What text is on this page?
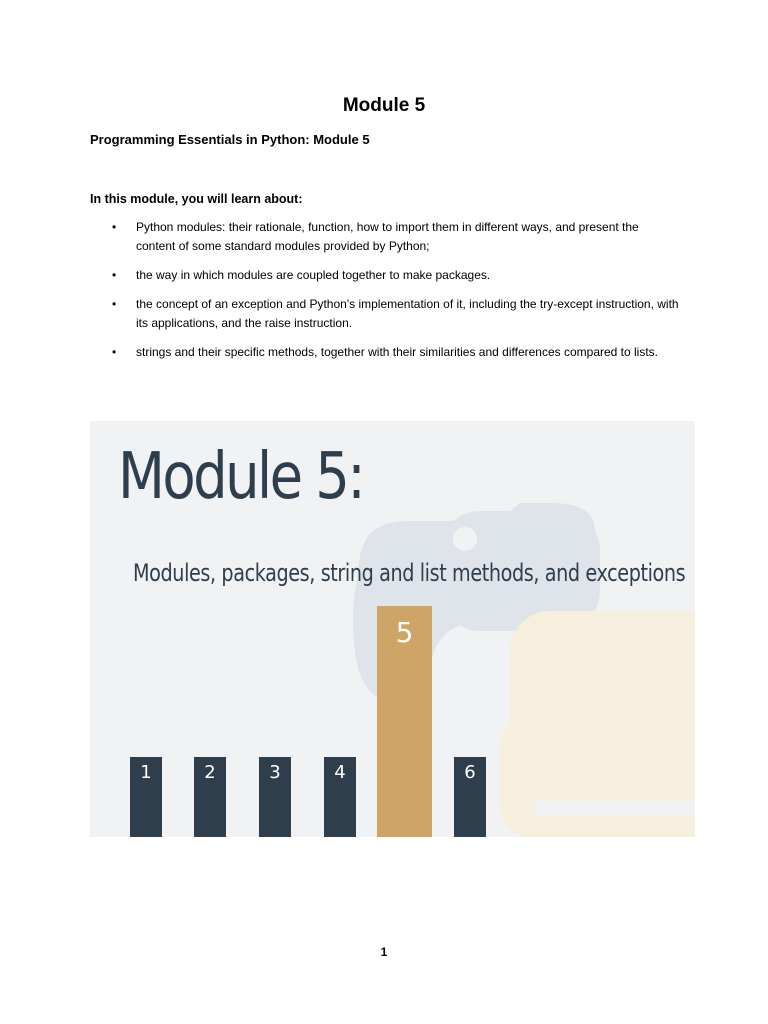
Module 5
Programming Essentials in Python: Module 5
In this module, you will learn about:
• Python modules: their rationale, function, how to import them in different ways, and present the content of some standard modules provided by Python;
• the way in which modules are coupled together to make packages.
• the concept of an exception and Python's implementation of it, including the try-except instruction, with its applications, and the raise instruction.
• strings and their specific methods, together with their similarities and differences compared to lists.
Module 5:
Modules, packages, string and list methods, and exceptions
1	2	3	4
5
6
1
